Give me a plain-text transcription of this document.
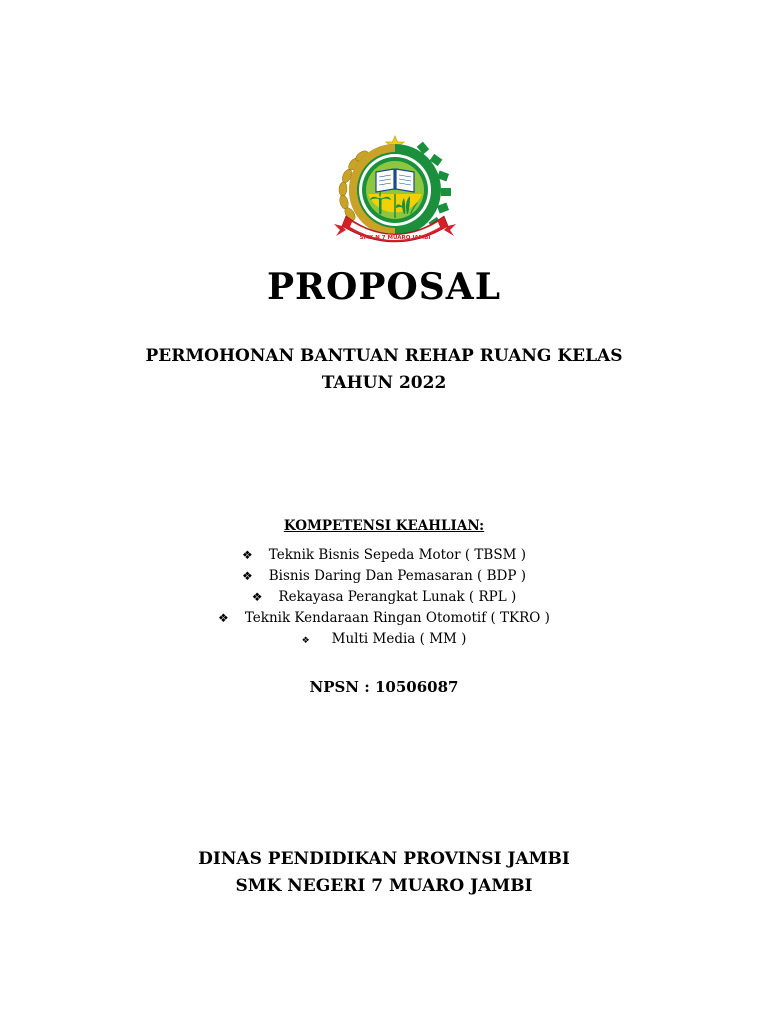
SMK N 7 MUARO JAMBI
PROPOSAL
PERMOHONAN BANTUAN REHAP RUANG KELAS
TAHUN 2022
KOMPETENSI KEAHLIAN:
❖ Teknik Bisnis Sepeda Motor ( TBSM )
❖ Bisnis Daring Dan Pemasaran ( BDP )
❖ Rekayasa Perangkat Lunak ( RPL )
❖ Teknik Kendaraan Ringan Otomotif ( TKRO )
❖ Multi Media ( MM )
NPSN : 10506087
DINAS PENDIDIKAN PROVINSI JAMBI
SMK NEGERI 7 MUARO JAMBI
